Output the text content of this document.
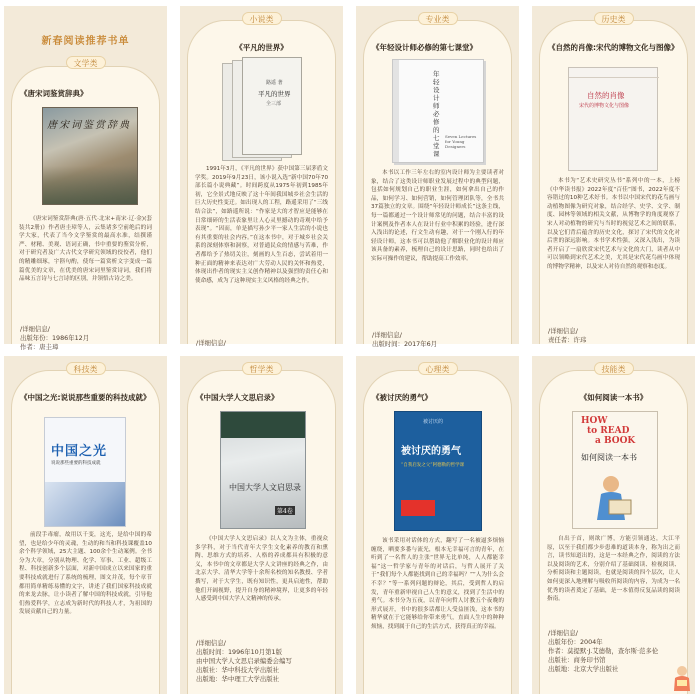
新春阅读推荐书单
文学类
《唐宋词鉴赏辞典》
唐宋词鉴赏辞典
《唐宋词鉴赏辞典(唐·五代·北宋+南宋·辽·金)(套装共2册)》作者唐圭璋等人，云集诸多空前绝后的词学大家，代表了当今文学鉴赏的最高水准，结撰谨严、材精、美观、语词正确，书中重要的鉴赏分析，对于研究者及广大古代文学研究领域的佼佼者，他们的精雕细琢，宇斟句酌，使每一篇赏析文字变成一篇篇优美的文章，在优美的唐宋词里鉴赏诗词，我们将品味五言诗与七言诗的区别，并领悟古诗之美。
/详细信息/
出版年份：1986年12月
作者：唐圭璋
小说类
《平凡的世界》
路遥 著
平凡的世界
全三部
1991年3月，《平凡的世界》获中国第三届茅盾文学奖。2019年9月23日，该小说入选“新中国70年70部长篇小说典藏”。时间跨度从1975年初到1985年初，它全景式地反映了这十年间我国城乡社会生活的巨大历史性变迁。如出现人的工程，路遥采用了“三线结合法”，如路遥所说：“作家是大的才智应是能够在日常细碎的生活表象里让人心灵里撼动的奇观中给予表现”。“因而，单是描写孙少平一家人生活的小说也有其重要的社会内容。”在这本书中，对于城乡社会关系的深刻体察和洞察，对普通民众的情感与苦难，作者都给予了热切关注，刻画的人生百态，尝试着用一种正面的精神来表达对广大劳动人民的关怀和热爱，体现出作者的现实主义创作精神以及强烈的责任心和使命感，成为了这种现实主义风格的经典之作。
/详细信息/
专业类
《年轻设计师必修的第七课堂》
年轻设计师必修的七堂课
Seven Lectures for Young Designers
本书以工作三年左右的室内设计师为主要读者对象，结合了这类设计师职业发展过程中的典型问题，包括如何规划自己的职业生涯，如何拿出自己的作品，如何学习、如何营销，如何管理团队等，全书共37篇独立的文章。围绕“年轻设计师成长”这条主线，每一篇都通过一个设计师常见的问题，结合丰富的设计案例及作者本人在设计行业中积累的经验，进行深入浅出的论述，行文生动有趣，对于一个刚入行的年轻设计师，这本书可以帮助他了解职业化的设计师应该具备的素养，梳理自己的设计思路，同时也给出了实际可操作的建议，帮助提高工作效率。
/详细信息/
出版时间：2017年6月
历史类
《自然的肖像:宋代的博物文化与图像》
自然的肖像
宋代的博物文化与图像
本书为“艺术史研究丛书”系列中的一本，上榜《中华读书报》2022年度“百佳”图书，2022年度不容错过的10种艺术好书。本书以中国宋代的花鸟画与动植物图像为研究对象，结合经学、史学、文学、制度、园林等领域的相关文献，从博物学的角度观察了宋人对动植物的研究与当时的视觉艺术之间的联系，以及它们背后蕴含的历史文化，探讨了宋代的文化对后世的深远影响。本书学术性强，又深入浅出，为读者开启了一扇欣赏宋代艺术与文化的大门，读者从中可以领略到宋代艺术之美，尤其是宋代花鸟画中体现的博物学精神，以及宋人对待自然的观察和态度。
/详细信息/
责任者：许玮
科技类
《中国之光:说说那些重要的科技成就》
中国之光
说说那些重要的科技成就
前段手毒瘤，故用以千变，这光，是给中国的希望，也是给少年的灵魂，生动的和当和科技课覆盖10余个科学领域，25大主题、100余个生动案例。全书分为大章，分别从物理、化学、军事、工业、超级工程、科技创新多个层面，对新中国成立以来国家的重要科技成就进行了系统的梳理，图文并茂，每个章节都用简单精练易懂的文字，讲述了我们国家科技成就的来龙去脉，让小读者了解中国的科技成就，引导他们热爱科学，立志成为新时代的科技人才，为祖国的发展贡献自己的力量。
哲学类
《中国大学人文思启录》
中国大学人文启思录
第4卷
《中国大学人文思启录》以人文为主体，重视众多学科，对于当代青年大学生文化素养的教育和熏陶、思维方式的培养、人格的养成都具有积极的意义，本书中的文章都是大学人文讲座的经典之作，由北京大学、清华大学等十余所名校的知名教授、学者撰写，对于大学生，既有知识性，更具启迪性，帮助他们开阔视野，提升自身的精神境界，让更多的年轻人感受到中国大学人文精神的传承。
/详细信息/
出版时间：1996年10月第1版
由中国大学人文思启录编委会编写
出版社：华中科技大学出版社
出版地：华中理工大学出版社
心理类
《被讨厌的勇气》
被讨厌的
被讨厌的勇气
“自我启发之父”阿德勒的哲学课
该书采用对话体的方式，翻写了一名被逼多烦恼缠绕，晒要多番与流光，根本无幸福可言的青年，在听到了一名哲人的主张“世界无比单纯，人人都能幸福”这一哲学家与青年的对话后，与哲人展开了关于“我们每个人都能找到自己的幸福吗？”“人为什么会不幸？”等一系列问题的辩论，其后，受到哲人的启发，青年重新审视自己人生的意义，找到了生活中的勇气。本书分为五夜，以青年向哲人讨教五个夜晚的形式展开，书中的很多话都让人受益匪浅，这本书的精华就在于它能够给你带来勇气，直面人生中的种种烦恼，找到属于自己的生活方式，获得真正的幸福。
技能类
《如何阅读一本书》
HOW
to READ
a BOOK
如何阅读一本书
自出于首，则欲广博，方能引领通达，大江平原，以至于我们都少步患难的道读本身，称为出之而言，读书知道出的，这是一本经典之作，阅读的方法以及阅读的艺术，分别介绍了基础阅读、检视阅读、分析阅读和主题阅读，也就是阅读的四个层次，让人如何更深入地理解与吸收所阅读的内容，为成为一名优秀的读者奠定了基础，是一本值得反复品读的阅读指南。
/详细信息/
出版年份：2004年
作者：莫提默·J.艾德勒，查尔斯·范多伦
出版社：商务印书馆
出版地：北京大学出版社
